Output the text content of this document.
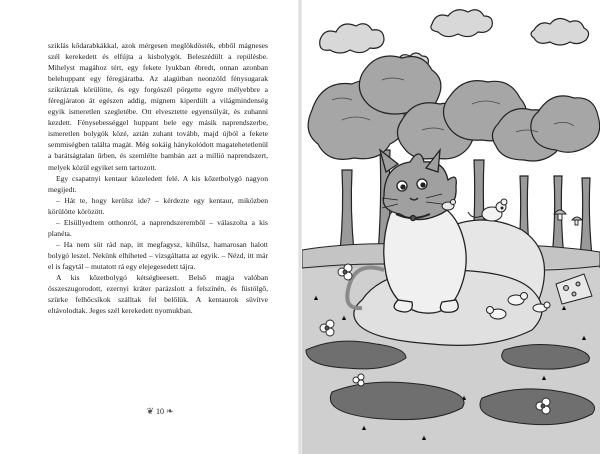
sziklás kődarabkákkal, azok mérgesen meglökdösték, ebből mágneses szél kerekedett és elfújta a kisbolygót. Beleszédült a repülésbe. Mihelyst magához tért, egy fekete lyukban ébredt, onnan azonban belehuppant egy féregjáratba. Az alagútban neonzöld fénysugarak szikráztak körülötte, és egy forgószél pörgette egyre mélyebbre a féregjáraton át egészen addig, mígnem kiperdült a világmindenség egyik ismeretlen szegletébe. Ott elvesztette egyensúlyát, és zuhanni kezdett. Fénysebességgel huppant bele egy másik naprendszerbe, ismeretlen bolygók közé, aztán zuhant tovább, majd újból a fekete semmiségben találta magát. Még sokáig hánykolódott magatehetetlenül a barátságtalan űrben, és szemlélte bambán azt a millió naprendszert, melyek közül egyiket sem tartozott.

Egy csapatnyi kentaur közeledett felé. A kis kőzetbolygó nagyon megijedt.

– Hát te, hogy kerülsz ide? – kérdezte egy kentaur, miközben körülötte körözött.

– Elsüllyedtem otthonról, a naprendszeremből – válaszolta a kis planéta.

– Ha nem süt rád nap, itt megfagysz, kihűlsz, hamarosan halott bolygó leszel. Nekünk elhiheted – vizsgáltatta az egyik. – Nézd, itt már el is fagytál – mutatott rá egy elejegesedett tájra.

A kis kőzetbolygó kétségbeesett. Belső magja valóban összeszugorodott, ezernyi kráter parázslott a felszínén, és füstölgő, szürke felhőcsíkok szálltak fel belőlük. A kentaurok süvítve eltávolodtak. Jeges szél kerekedett nyomukban.

❦ 10 ❧
